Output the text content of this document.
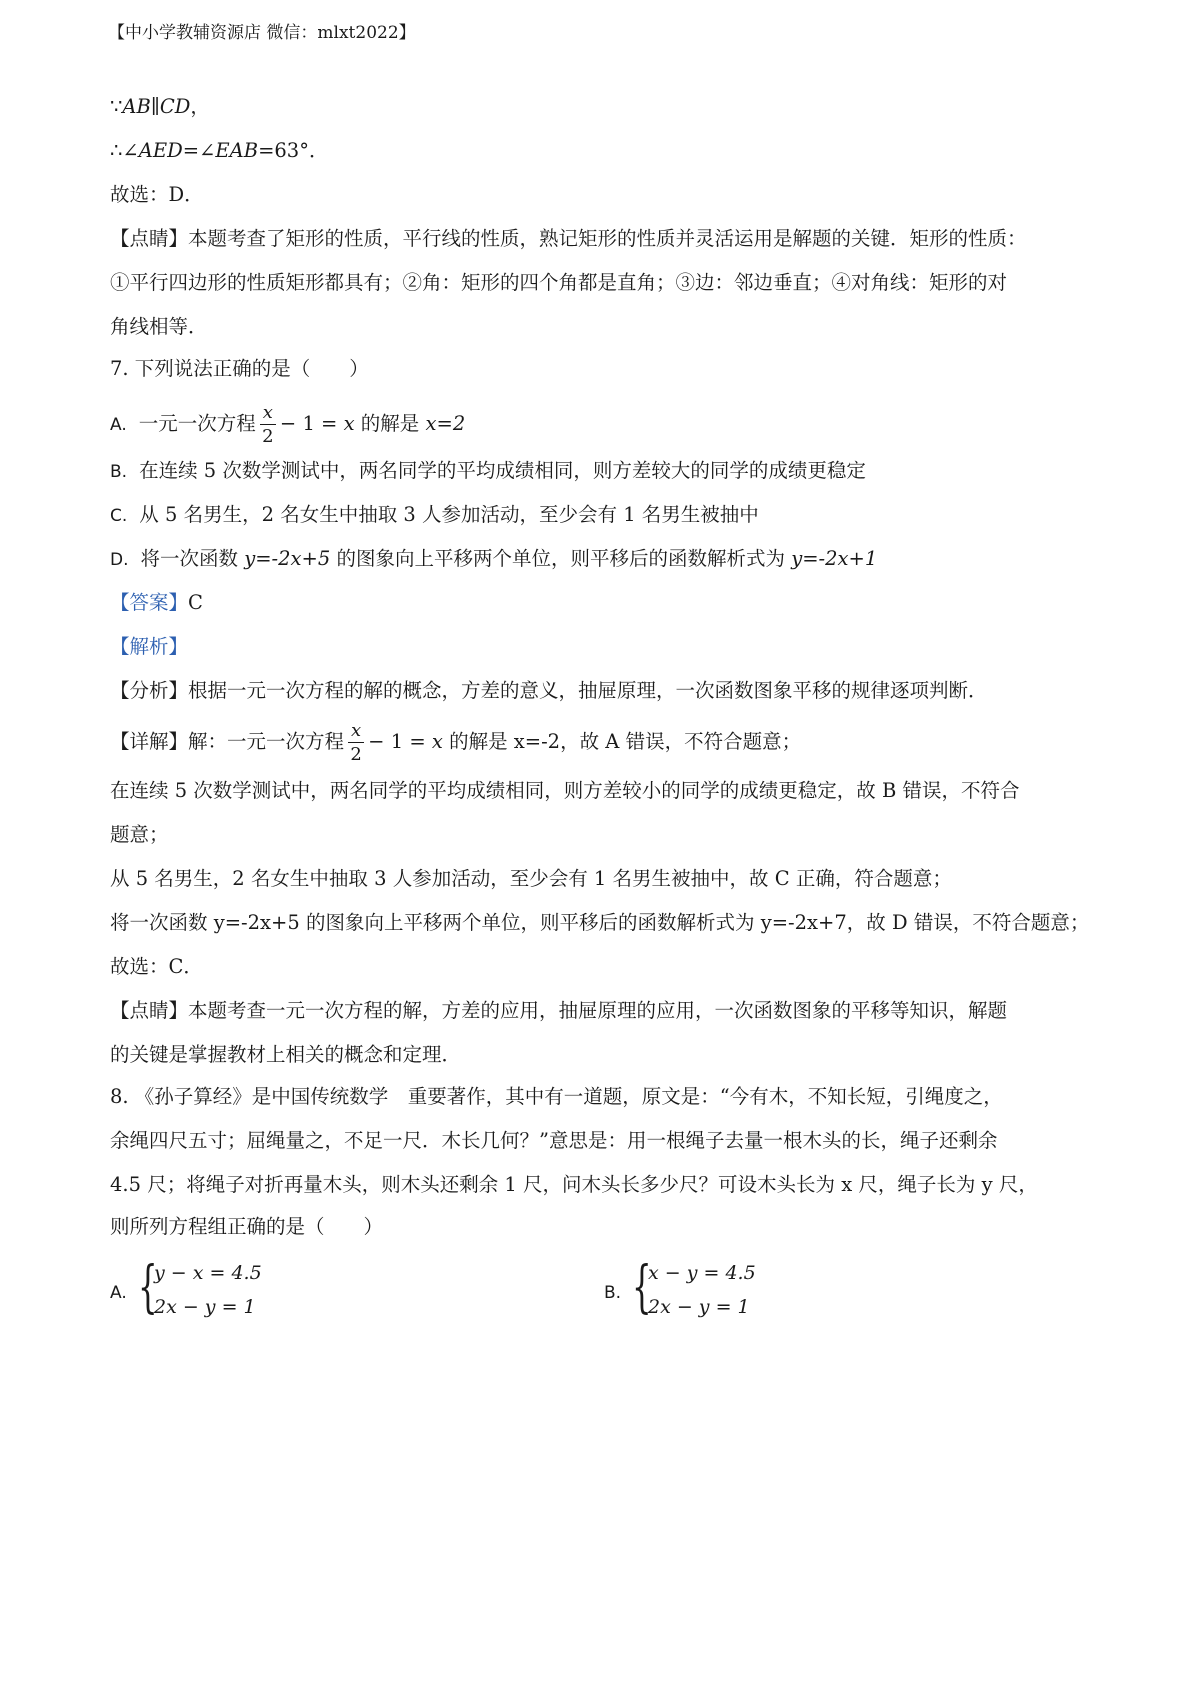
【中小学教辅资源店 微信：mlxt2022】
∵AB∥CD，
∴∠AED=∠EAB=63°．
故选：D．
【点睛】本题考查了矩形的性质，平行线的性质，熟记矩形的性质并灵活运用是解题的关键．矩形的性质：
①平行四边形的性质矩形都具有；②角：矩形的四个角都是直角；③边：邻边垂直；④对角线：矩形的对
角线相等．
7. 下列说法正确的是（　　）
A. 一元一次方程 $\frac{x}{2} - 1 = x$ 的解是 x=2
B. 在连续 5 次数学测试中，两名同学的平均成绩相同，则方差较大的同学的成绩更稳定
C. 从 5 名男生，2 名女生中抽取 3 人参加活动，至少会有 1 名男生被抽中
D. 将一次函数 y=-2x+5 的图象向上平移两个单位，则平移后的函数解析式为 y=-2x+1
【答案】C
【解析】
【分析】根据一元一次方程的解的概念，方差的意义，抽屉原理，一次函数图象平移的规律逐项判断．
【详解】解：一元一次方程 $\frac{x}{2} - 1 = x$ 的解是 x=-2，故 A 错误，不符合题意；
在连续 5 次数学测试中，两名同学的平均成绩相同，则方差较小的同学的成绩更稳定，故 B 错误，不符合
题意；
从 5 名男生，2 名女生中抽取 3 人参加活动，至少会有 1 名男生被抽中，故 C 正确，符合题意；
将一次函数 y=-2x+5 的图象向上平移两个单位，则平移后的函数解析式为 y=-2x+7，故 D 错误，不符合题意；
故选：C．
【点睛】本题考查一元一次方程的解，方差的应用，抽屉原理的应用，一次函数图象的平移等知识，解题
的关键是掌握教材上相关的概念和定理．
8. 《孙子算经》是中国传统数学　重要著作，其中有一道题，原文是：“今有木，不知长短，引绳度之，
余绳四尺五寸；屈绳量之，不足一尺．木长几何？”意思是：用一根绳子去量一根木头的长，绳子还剩余
4.5 尺；将绳子对折再量木头，则木头还剩余 1 尺，问木头长多少尺？可设木头长为 x 尺，绳子长为 y 尺，
则所列方程组正确的是（　　）
A. {
y − x = 4.5
2x − y = 1
B. {
x − y = 4.5
2x − y = 1
